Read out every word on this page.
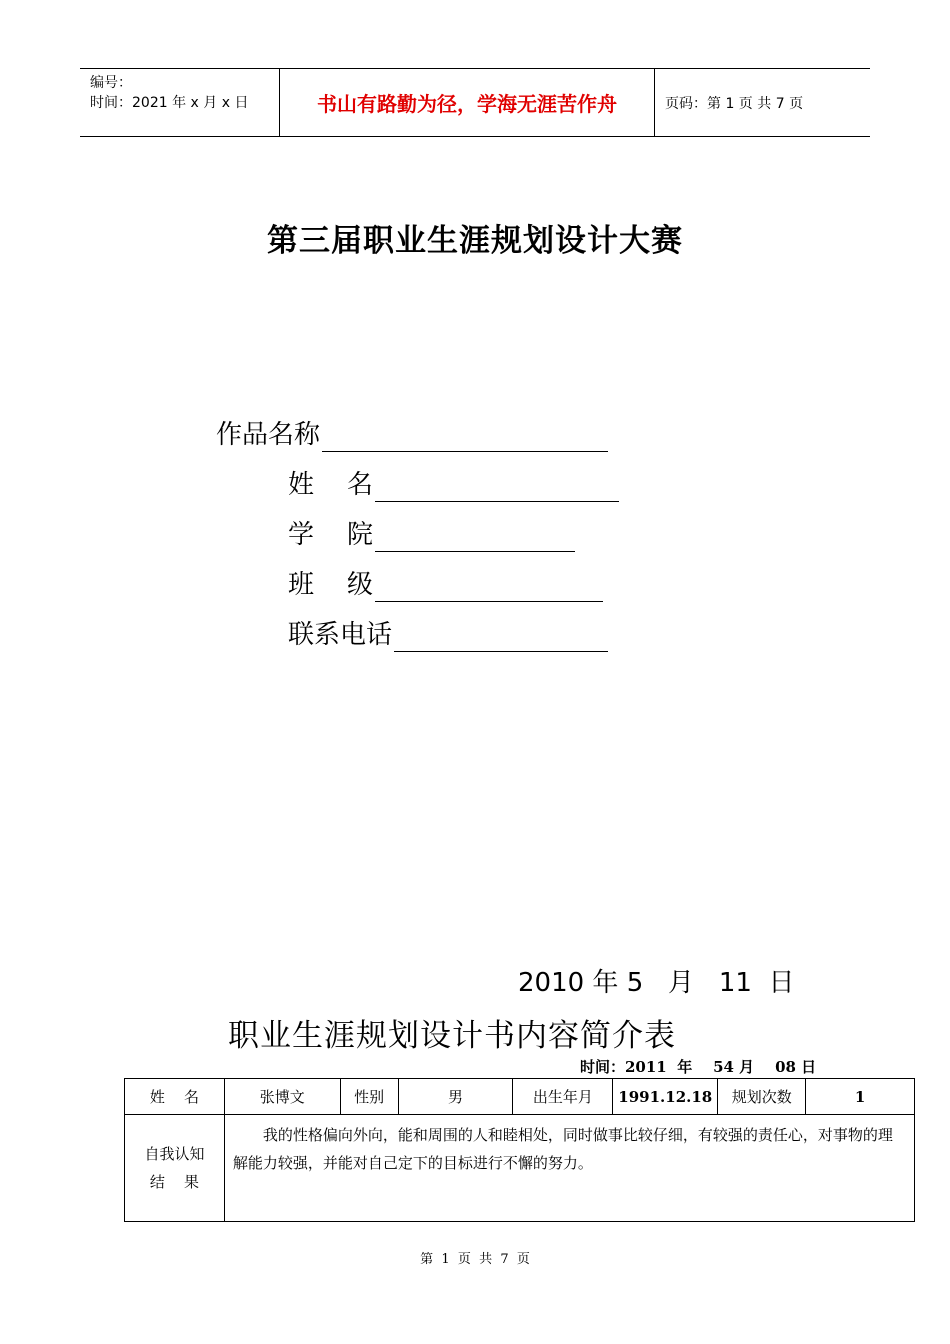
编号：
时间：2021 年 x 月 x 日	书山有路勤为径，学海无涯苦作舟	页码：第 1 页 共 7 页
第三届职业生涯规划设计大赛
作品名称
姓    名
学    院
班    级
联系电话
2010 年 5   月   11  日
职业生涯规划设计书内容简介表
时间：2011  年    54 月    08 日
姓    名	张博文	性别	男	出生年月	1991.12.18	规划次数	1

自我认知
结    果	我的性格偏向外向，能和周围的人和睦相处，同时做事比较仔细，有较强的责任心，对事物的理解能力较强，并能对自己定下的目标进行不懈的努力。						
第  1  页  共  7  页
